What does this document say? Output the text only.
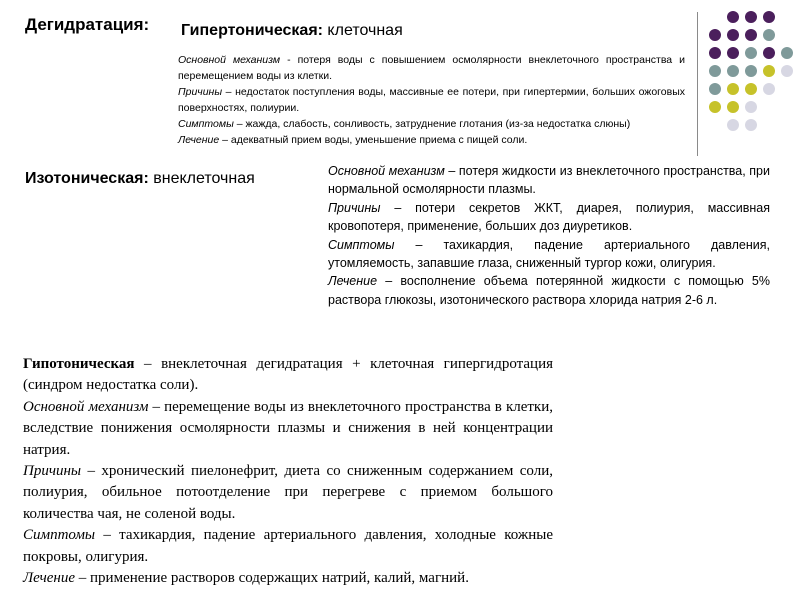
Дегидратация: Гипертоническая: клеточная

Основной механизм - потеря воды с повышением осмолярности внеклеточного пространства и перемещением воды из клетки.

Причины – недостаток поступления воды, массивные ее потери, при гипертермии, больших ожоговых поверхностях, полиурии.

Симптомы – жажда, слабость, сонливость, затруднение глотания (из-за недостатка слюны)

Лечение – адекватный прием воды, уменьшение приема с пищей соли.

Изотоническая: внеклеточная	Основной механизм – потеря жидкости из внеклеточного пространства, при нормальной осмолярности плазмы.

Причины – потери секретов ЖКТ, диарея, полиурия, массивная кровопотеря, применение, больших доз диуретиков.

Симптомы – тахикардия, падение артериального давления, утомляемость, запавшие глаза, сниженный тургор кожи, олигурия.

Лечение – восполнение объема потерянной жидкости с помощью 5% раствора глюкозы, изотонического раствора хлорида натрия 2-6 л.

Гипотоническая – внеклеточная дегидратация + клеточная гипергидротация (синдром недостатка соли).

Основной механизм – перемещение воды из внеклеточного пространства в клетки, вследствие понижения осмолярности плазмы и снижения в ней концентрации натрия.

Причины – хронический пиелонефрит, диета со сниженным содержанием соли, полиурия, обильное потоотделение при перегреве с приемом большого количества чая, не соленой воды.

Симптомы – тахикардия, падение артериального давления, холодные кожные покровы, олигурия.

Лечение – применение растворов содержащих натрий, калий, магний.
